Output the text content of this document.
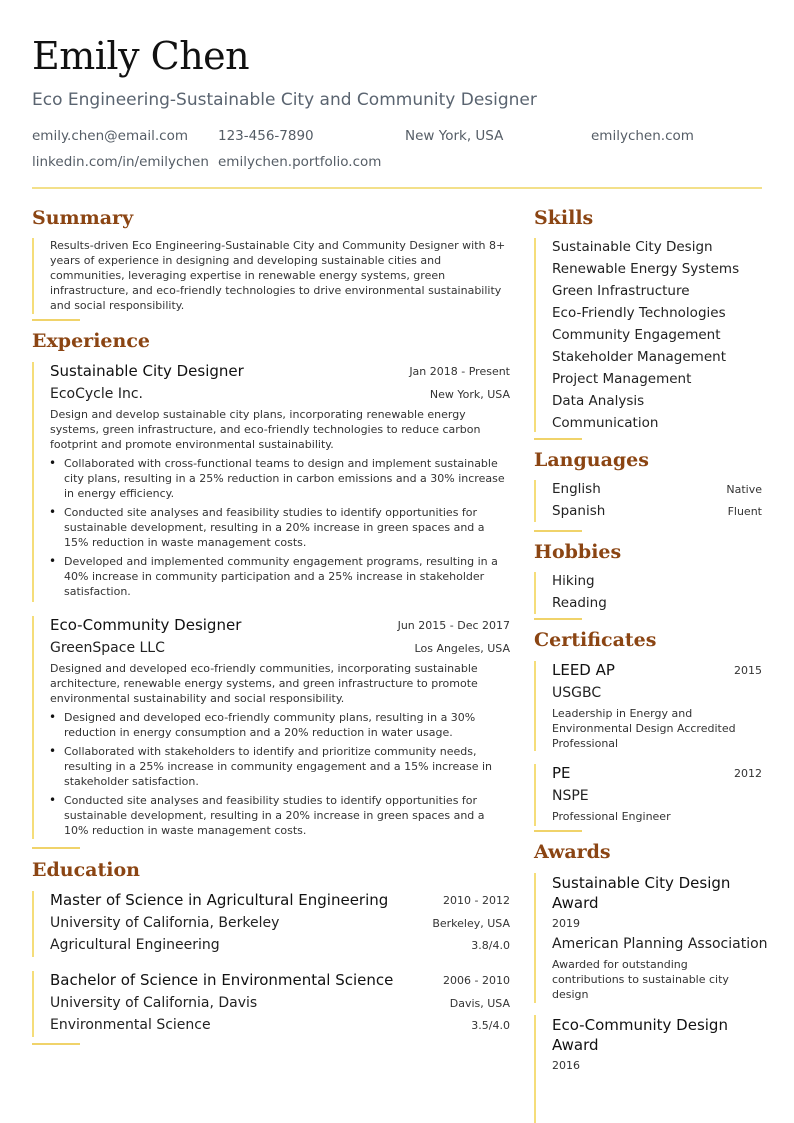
Emily Chen
Eco Engineering-Sustainable City and Community Designer
emily.chen@email.com 123-456-7890	New York, USA	emilychen.com
linkedin.com/in/emilychen emilychen.portfolio.com
Summary
Results-driven Eco Engineering-Sustainable City and Community Designer with 8+ years of experience in designing and developing sustainable cities and communities, leveraging expertise in renewable energy systems, green infrastructure, and eco-friendly technologies to drive environmental sustainability and social responsibility.
Experience
Sustainable City Designer	Jan 2018 - Present
EcoCycle Inc.	New York, USA
Design and develop sustainable city plans, incorporating renewable energy systems, green infrastructure, and eco-friendly technologies to reduce carbon footprint and promote environmental sustainability.
• Collaborated with cross-functional teams to design and implement sustainable city plans, resulting in a 25% reduction in carbon emissions and a 30% increase in energy efficiency.
• Conducted site analyses and feasibility studies to identify opportunities for sustainable development, resulting in a 20% increase in green spaces and a 15% reduction in waste management costs.
• Developed and implemented community engagement programs, resulting in a 40% increase in community participation and a 25% increase in stakeholder satisfaction.
Eco-Community Designer	Jun 2015 - Dec 2017
GreenSpace LLC	Los Angeles, USA
Designed and developed eco-friendly communities, incorporating sustainable architecture, renewable energy systems, and green infrastructure to promote environmental sustainability and social responsibility.
• Designed and developed eco-friendly community plans, resulting in a 30% reduction in energy consumption and a 20% reduction in water usage.
• Collaborated with stakeholders to identify and prioritize community needs, resulting in a 25% increase in community engagement and a 15% increase in stakeholder satisfaction.
• Conducted site analyses and feasibility studies to identify opportunities for sustainable development, resulting in a 20% increase in green spaces and a 10% reduction in waste management costs.
Education
Master of Science in Agricultural Engineering	2010 - 2012
University of California, Berkeley	Berkeley, USA
Agricultural Engineering	3.8/4.0
Bachelor of Science in Environmental Science	2006 - 2010
University of California, Davis	Davis, USA
Environmental Science	3.5/4.0
Skills
Sustainable City Design
Renewable Energy Systems
Green Infrastructure
Eco-Friendly Technologies
Community Engagement
Stakeholder Management
Project Management
Data Analysis
Communication
Languages
English	Native
Spanish	Fluent
Hobbies
Hiking
Reading
Certificates
LEED AP	2015
USGBC
Leadership in Energy and Environmental Design Accredited Professional
PE	2012
NSPE
Professional Engineer
Awards
Sustainable City Design Award
2019
American Planning Association
Awarded for outstanding contributions to sustainable city design
Eco-Community Design Award
2016
